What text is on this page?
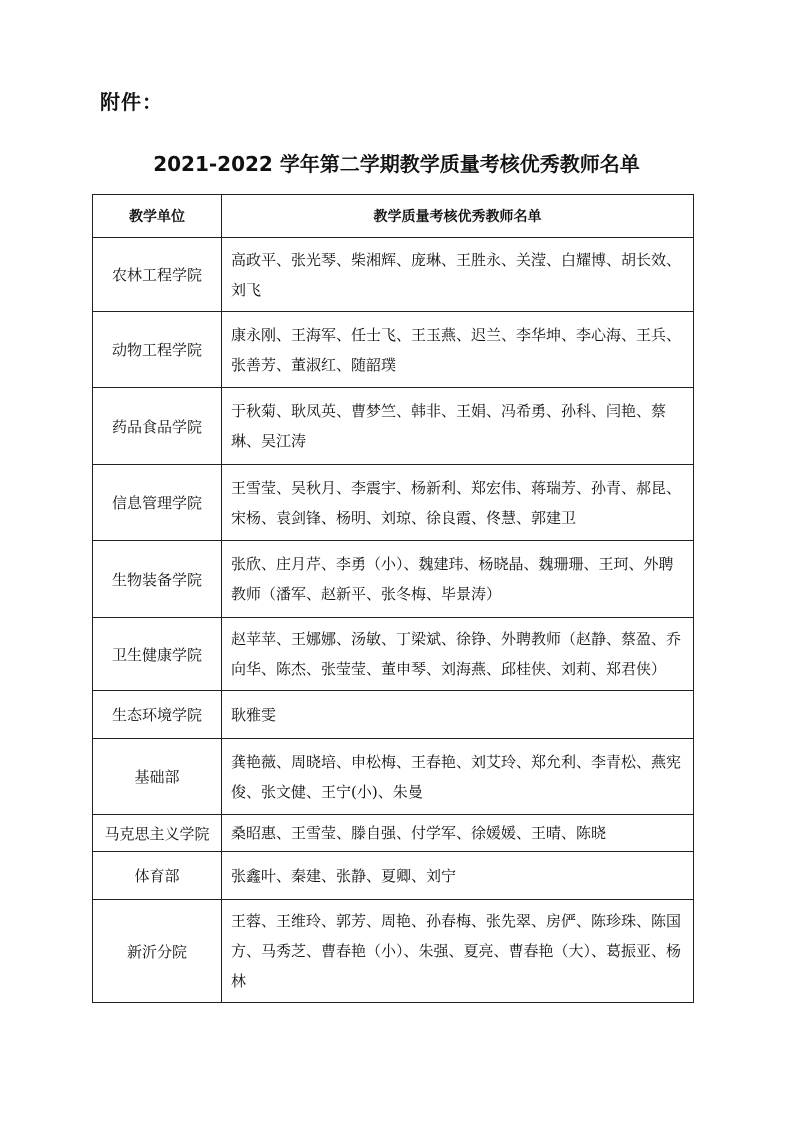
附件：
2021-2022 学年第二学期教学质量考核优秀教师名单
教学单位	教学质量考核优秀教师名单
农林工程学院	高政平、张光琴、柴湘辉、庞琳、王胜永、关滢、白耀博、胡长效、刘飞
动物工程学院	康永刚、王海军、任士飞、王玉燕、迟兰、李华坤、李心海、王兵、张善芳、董淑红、随韶璞
药品食品学院	于秋菊、耿凤英、曹梦竺、韩非、王娟、冯希勇、孙科、闫艳、蔡琳、吴江涛
信息管理学院	王雪莹、吴秋月、李震宇、杨新利、郑宏伟、蒋瑞芳、孙青、郝昆、宋杨、袁剑锋、杨明、刘琼、徐良霞、佟慧、郭建卫
生物装备学院	张欣、庄月芹、李勇（小）、魏建玮、杨晓晶、魏珊珊、王珂、外聘教师（潘军、赵新平、张冬梅、毕景涛）
卫生健康学院	赵苹苹、王娜娜、汤敏、丁梁斌、徐铮、外聘教师（赵静、蔡盈、乔向华、陈杰、张莹莹、董申琴、刘海燕、邱桂侠、刘莉、郑君侠）
生态环境学院	耿雅雯
基础部	龚艳薇、周晓培、申松梅、王春艳、刘艾玲、郑允利、李青松、燕宪俊、张文健、王宁(小)、朱曼
马克思主义学院	桑昭惠、王雪莹、滕自强、付学军、徐媛媛、王晴、陈晓
体育部	张鑫叶、秦建、张静、夏卿、刘宁
新沂分院	王蓉、王维玲、郭芳、周艳、孙春梅、张先翠、房俨、陈珍珠、陈国方、马秀芝、曹春艳（小）、朱强、夏亮、曹春艳（大）、葛振亚、杨林
